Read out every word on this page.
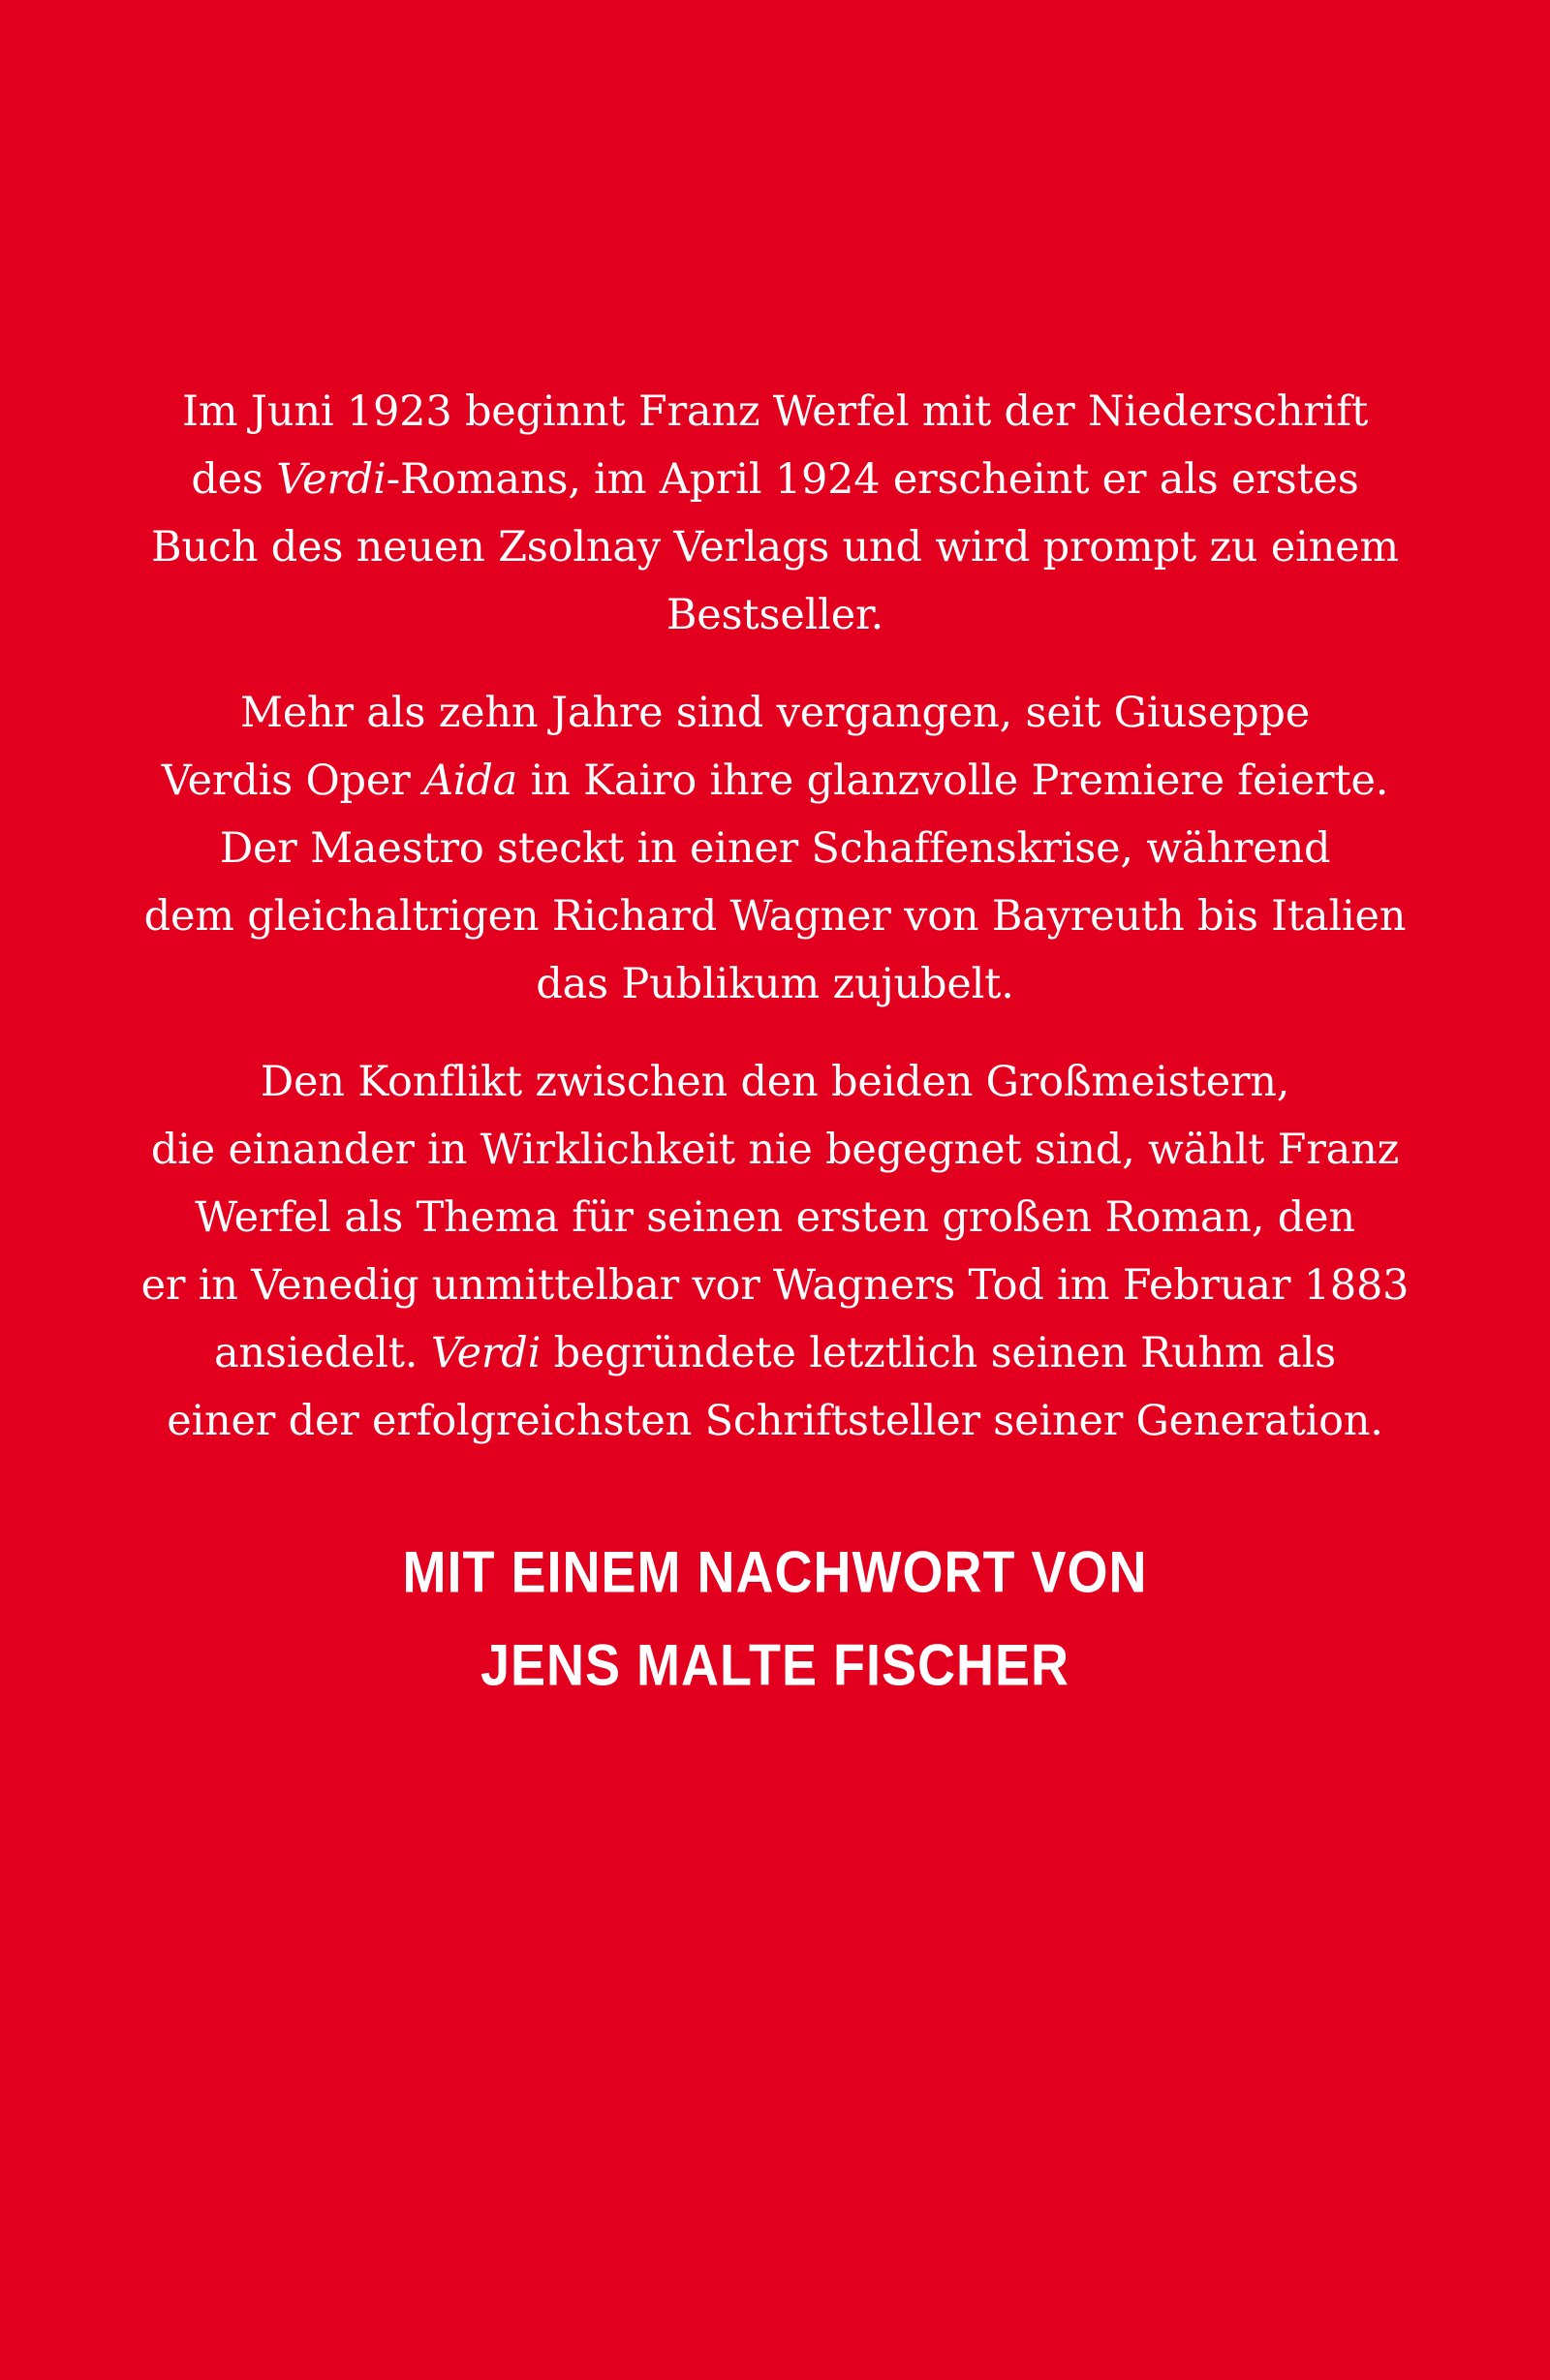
Im Juni 1923 beginnt Franz Werfel mit der Niederschrift
des Verdi-Romans, im April 1924 erscheint er als erstes
Buch des neuen Zsolnay Verlags und wird prompt zu einem
Bestseller.

Mehr als zehn Jahre sind vergangen, seit Giuseppe
Verdis Oper Aida in Kairo ihre glanzvolle Premiere feierte.
Der Maestro steckt in einer Schaffenskrise, während
dem gleichaltrigen Richard Wagner von Bayreuth bis Italien
das Publikum zujubelt.

Den Konflikt zwischen den beiden Großmeistern,
die einander in Wirklichkeit nie begegnet sind, wählt Franz
Werfel als Thema für seinen ersten großen Roman, den
er in Venedig unmittelbar vor Wagners Tod im Februar 1883
ansiedelt. Verdi begründete letztlich seinen Ruhm als
einer der erfolgreichsten Schriftsteller seiner Generation.

MIT EINEM NACHWORT VON
JENS MALTE FISCHER
